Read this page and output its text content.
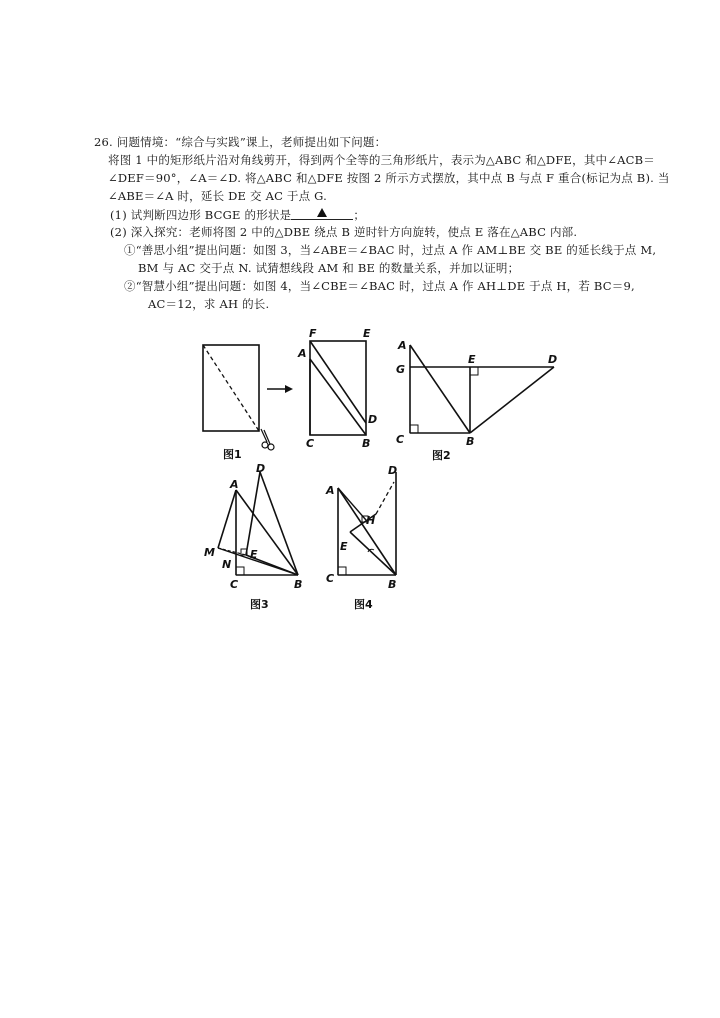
26. 问题情境：“综合与实践”课上，老师提出如下问题：
将图 1 中的矩形纸片沿对角线剪开，得到两个全等的三角形纸片，表示为△ABC 和△DFE，其中∠ACB＝
∠DEF＝90°，∠A＝∠D. 将△ABC 和△DFE 按图 2 所示方式摆放，其中点 B 与点 F 重合(标记为点 B). 当
∠ABE＝∠A 时，延长 DE 交 AC 于点 G.
(1) 试判断四边形 BCGE 的形状是	；
(2) 深入探究：老师将图 2 中的△DBE 绕点 B 逆时针方向旋转，使点 E 落在△ABC 内部.
①“善思小组”提出问题：如图 3，当∠ABE＝∠BAC 时，过点 A 作 AM⊥BE 交 BE 的延长线于点 M,
BM 与 AC 交于点 N. 试猜想线段 AM 和 BE 的数量关系，并加以证明；
②“智慧小组”提出问题：如图 4，当∠CBE＝∠BAC 时，过点 A 作 AH⊥DE 于点 H，若 BC＝9,
AC＝12，求 AH 的长.
图1
F	E
A
D
C	B
A
E	D
G
C	B
图2
D
A
M	E
N
C	B
图3
D
A
H
E
C	B
图4
